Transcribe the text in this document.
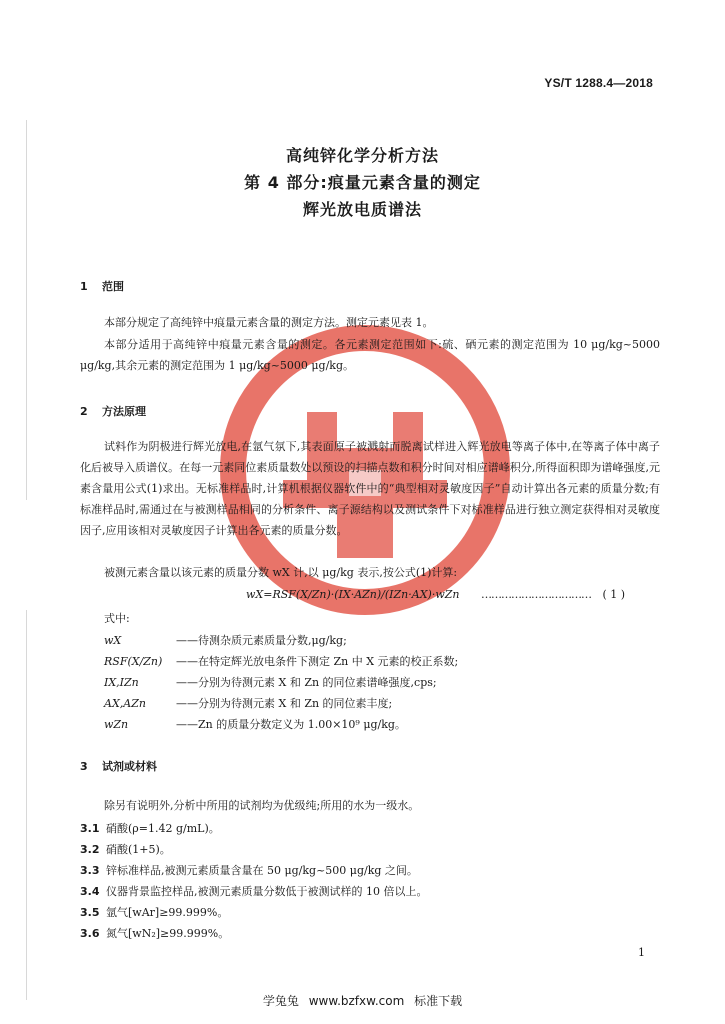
YS/T 1288.4—2018
高纯锌化学分析方法
第 4 部分:痕量元素含量的测定
辉光放电质谱法
1 范围
本部分规定了高纯锌中痕量元素含量的测定方法。测定元素见表 1。
本部分适用于高纯锌中痕量元素含量的测定。各元素测定范围如下:硫、硒元素的测定范围为 10 μg/kg~5000 μg/kg,其余元素的测定范围为 1 μg/kg~5000 μg/kg。
2 方法原理
试料作为阴极进行辉光放电,在氩气氛下,其表面原子被溅射而脱离试样进入辉光放电等离子体中,在等离子体中离子化后被导入质谱仪。在每一元素同位素质量数处以预设的扫描点数和积分时间对相应谱峰积分,所得面积即为谱峰强度,元素含量用公式(1)求出。无标准样品时,计算机根据仪器软件中的“典型相对灵敏度因子”自动计算出各元素的质量分数;有标准样品时,需通过在与被测样品相同的分析条件、离子源结构以及测试条件下对标准样品进行独立测定获得相对灵敏度因子,应用该相对灵敏度因子计算出各元素的质量分数。
被测元素含量以该元素的质量分数 wX 计,以 μg/kg 表示,按公式(1)计算:
wX=RSF(X/Zn)·(IX·AZn)/(IZn·AX)·wZn …………………………… ( 1 )
式中:
wX	——待测杂质元素质量分数,μg/kg;
RSF(X/Zn) ——在特定辉光放电条件下测定 Zn 中 X 元素的校正系数;
IX,IZn	——分别为待测元素 X 和 Zn 的同位素谱峰强度,cps;
AX,AZn	——分别为待测元素 X 和 Zn 的同位素丰度;
wZn	——Zn 的质量分数定义为 1.00×10⁹ μg/kg。
3 试剂或材料
除另有说明外,分析中所用的试剂均为优级纯;所用的水为一级水。
3.1 硝酸(ρ=1.42 g/mL)。
3.2 硝酸(1+5)。
3.3 锌标准样品,被测元素质量含量在 50 μg/kg~500 μg/kg 之间。
3.4 仪器背景监控样品,被测元素质量分数低于被测试样的 10 倍以上。
3.5 氩气[wAr]≥99.999%。
3.6 氮气[wN₂]≥99.999%。
1
学兔兔 www.bzfxw.com 标准下载
